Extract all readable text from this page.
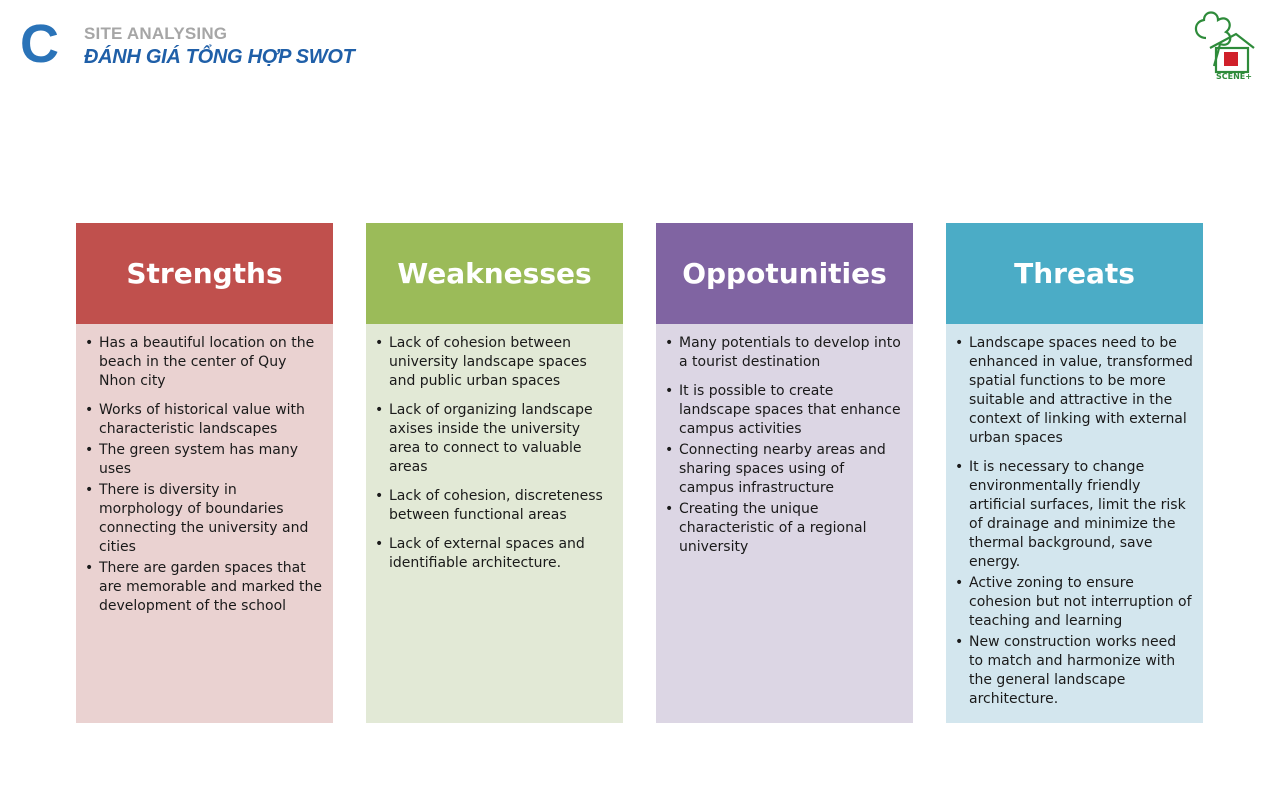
C SITE ANALYSING
ĐÁNH GIÁ TỔNG HỢP SWOT
SCENE+
Strengths
• Has a beautiful location on the beach in the center of Quy Nhon city
• Works of historical value with characteristic landscapes
• The green system has many uses
• There is diversity in morphology of boundaries connecting the university and cities
• There are garden spaces that are memorable and marked the development of the school
Weaknesses
• Lack of cohesion between university landscape spaces and public urban spaces
• Lack of organizing landscape axises inside the university area to connect to valuable areas
• Lack of cohesion, discreteness between functional areas
• Lack of external spaces and identifiable architecture.
Oppotunities
• Many potentials to develop into a tourist destination
• It is possible to create landscape spaces that enhance campus activities
• Connecting nearby areas and sharing spaces using of campus infrastructure
• Creating the unique characteristic of a regional university
Threats
• Landscape spaces need to be enhanced in value, transformed spatial functions to be more suitable and attractive in the context of linking with external urban spaces
• It is necessary to change environmentally friendly artificial surfaces, limit the risk of drainage and minimize the thermal background, save energy.
• Active zoning to ensure cohesion but not interruption of teaching and learning
• New construction works need to match and harmonize with the general landscape architecture.
